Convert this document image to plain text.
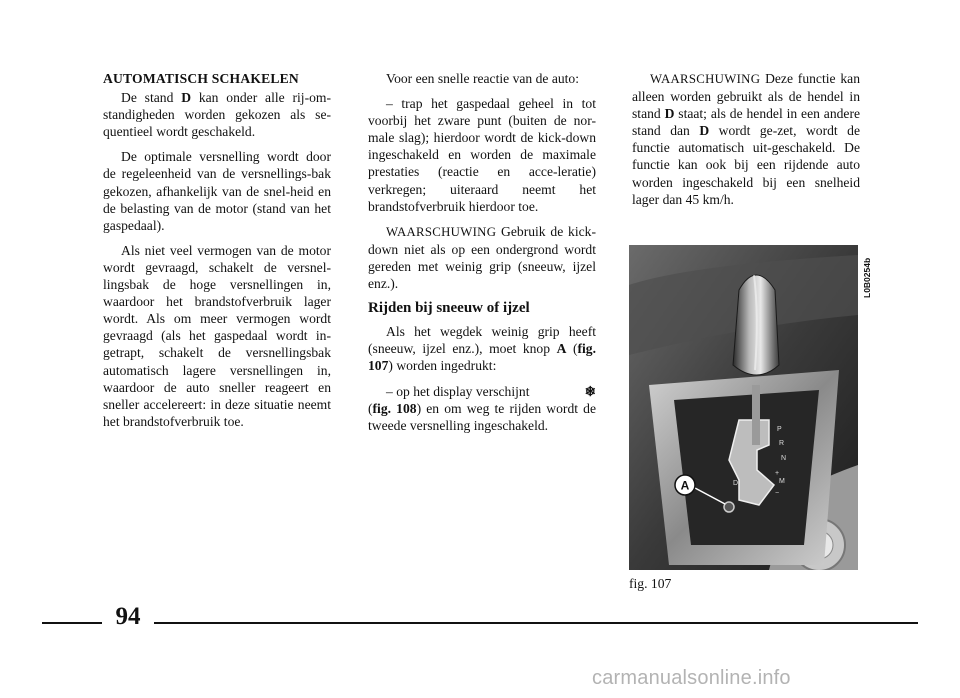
AUTOMATISCH SCHAKELEN

De stand D kan onder alle rij-om-standigheden worden gekozen als se-quentieel wordt geschakeld.

De optimale versnelling wordt door de regeleenheid van de versnellings-bak gekozen, afhankelijk van de snel-heid en de belasting van de motor (stand van het gaspedaal).

Als niet veel vermogen van de motor wordt gevraagd, schakelt de versnel-lingsbak de hoge versnellingen in, waardoor het brandstofverbruik lager wordt. Als om meer vermogen wordt gevraagd (als het gaspedaal wordt in-getrapt, schakelt de versnellingsbak automatisch lagere versnellingen in, waardoor de auto sneller reageert en sneller accelereert: in deze situatie neemt het brandstofverbruik toe.

Voor een snelle reactie van de auto:

– trap het gaspedaal geheel in tot voorbij het zware punt (buiten de nor-male slag); hierdoor wordt de kick-down ingeschakeld en worden de maximale prestaties (reactie en acce-leratie) verkregen; uiteraard neemt het brandstofverbruik hierdoor toe.

WAARSCHUWING Gebruik de kick-down niet als op een ondergrond wordt gereden met weinig grip (sneeuw, ijzel enz.).

Rijden bij sneeuw of ijzel

Als het wegdek weinig grip heeft (sneeuw, ijzel enz.), moet knop A (fig. 107) worden ingedrukt:

– op het display verschijnt	❄

(fig. 108) en om weg te rijden wordt de tweede versnelling ingeschakeld.

WAARSCHUWING Deze functie kan alleen worden gebruikt als de hendel in stand D staat; als de hendel in een andere stand dan D wordt ge-zet, wordt de functie automatisch uit-geschakeld. De functie kan ook bij een rijdende auto worden ingeschakeld bij een snelheid lager dan 45 km/h.

P
R
N
D	M
+
−
A
L0B0254b
fig. 107
94
carmanualsonline.info
